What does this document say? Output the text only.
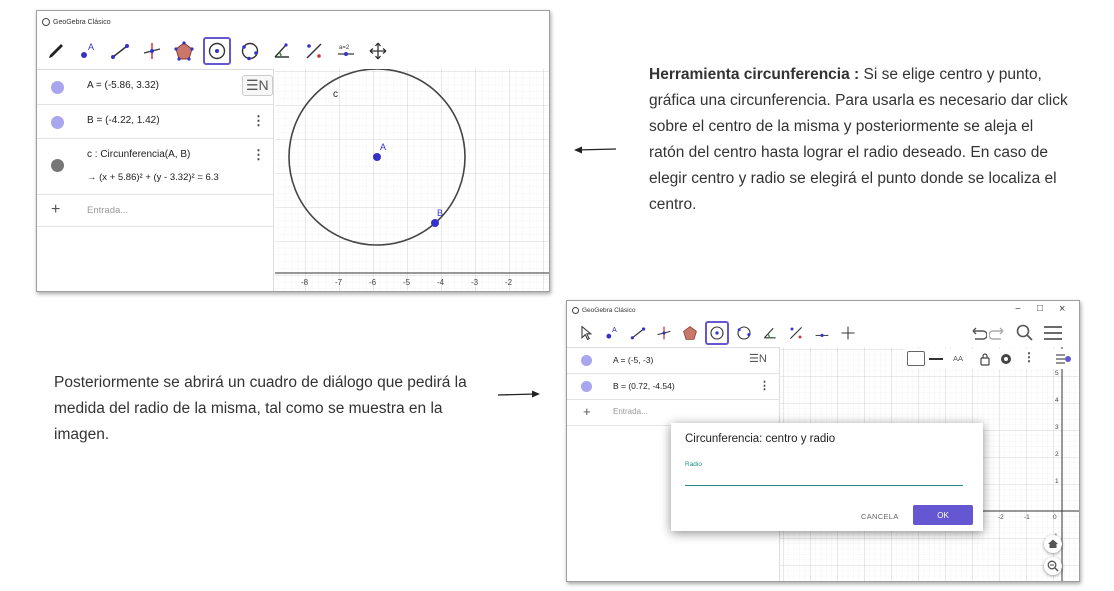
GeoGebra Clásico
A	a=2
A = (-5.86, 3.32)	☰N
B = (-4.22, 1.42)	⋮
c : Circunferencia(A, B)
→ (x + 5.86)² + (y - 3.32)² = 6.3
⋮
+	Entrada...
-8	-7	-6	-5	-4	-3	-2
c
A
B
Herramienta circunferencia : Si se elige centro y punto, gráfica una circunferencia. Para usarla es necesario dar click sobre el centro de la misma y posteriormente se aleja el ratón del centro hasta lograr el radio deseado. En caso de elegir centro y radio se elegirá el punto donde se localiza el centro.
Posteriormente se abrirá un cuadro de diálogo que pedirá la medida del radio de la misma, tal como se muestra en la imagen.
GeoGebra Clásico	− □ ×
A
A = (-5, -3)	☰N
B = (0.72, -4.54)	⋮
+	Entrada...
5
4
3
2
1
-2	-1	0
AA	⋮
Circunferencia: centro y radio
Radio
CANCELA	OK
